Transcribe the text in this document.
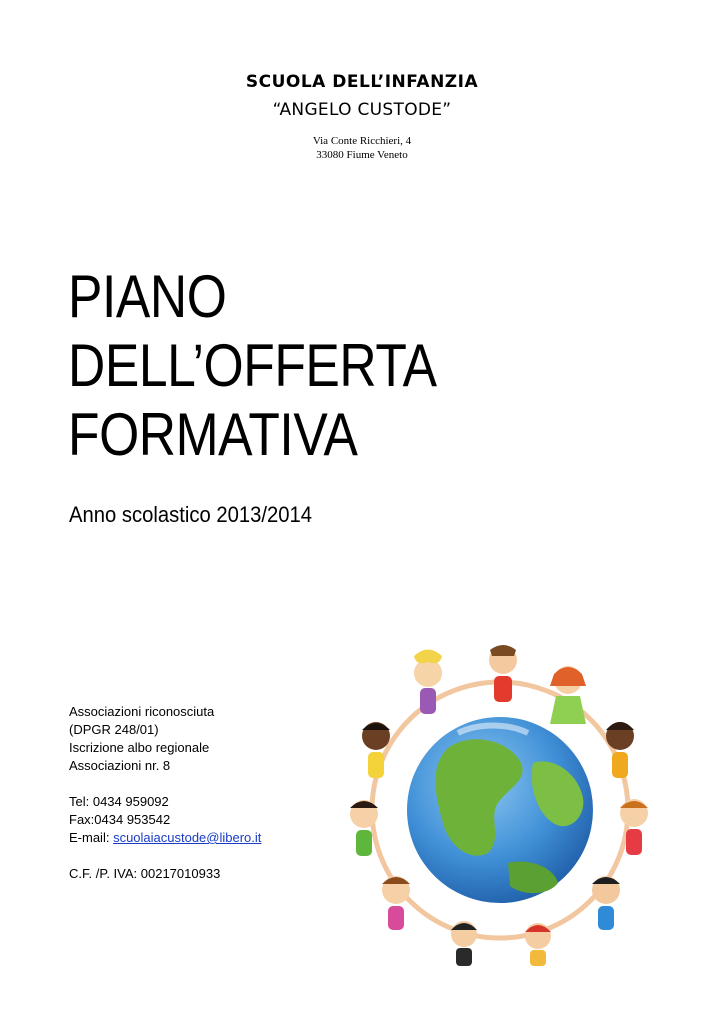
SCUOLA DELL’INFANZIA
“ANGELO CUSTODE”
Via Conte Ricchieri, 4
33080 Fiume Veneto
PIANO
DELL’OFFERTA
FORMATIVA
Anno scolastico 2013/2014
Associazioni riconosciuta
(DPGR 248/01)
Iscrizione albo regionale
Associazioni nr. 8
Tel: 0434 959092
Fax:0434 953542
E-mail: scuolaiacustode@libero.it
C.F. /P. IVA: 00217010933
